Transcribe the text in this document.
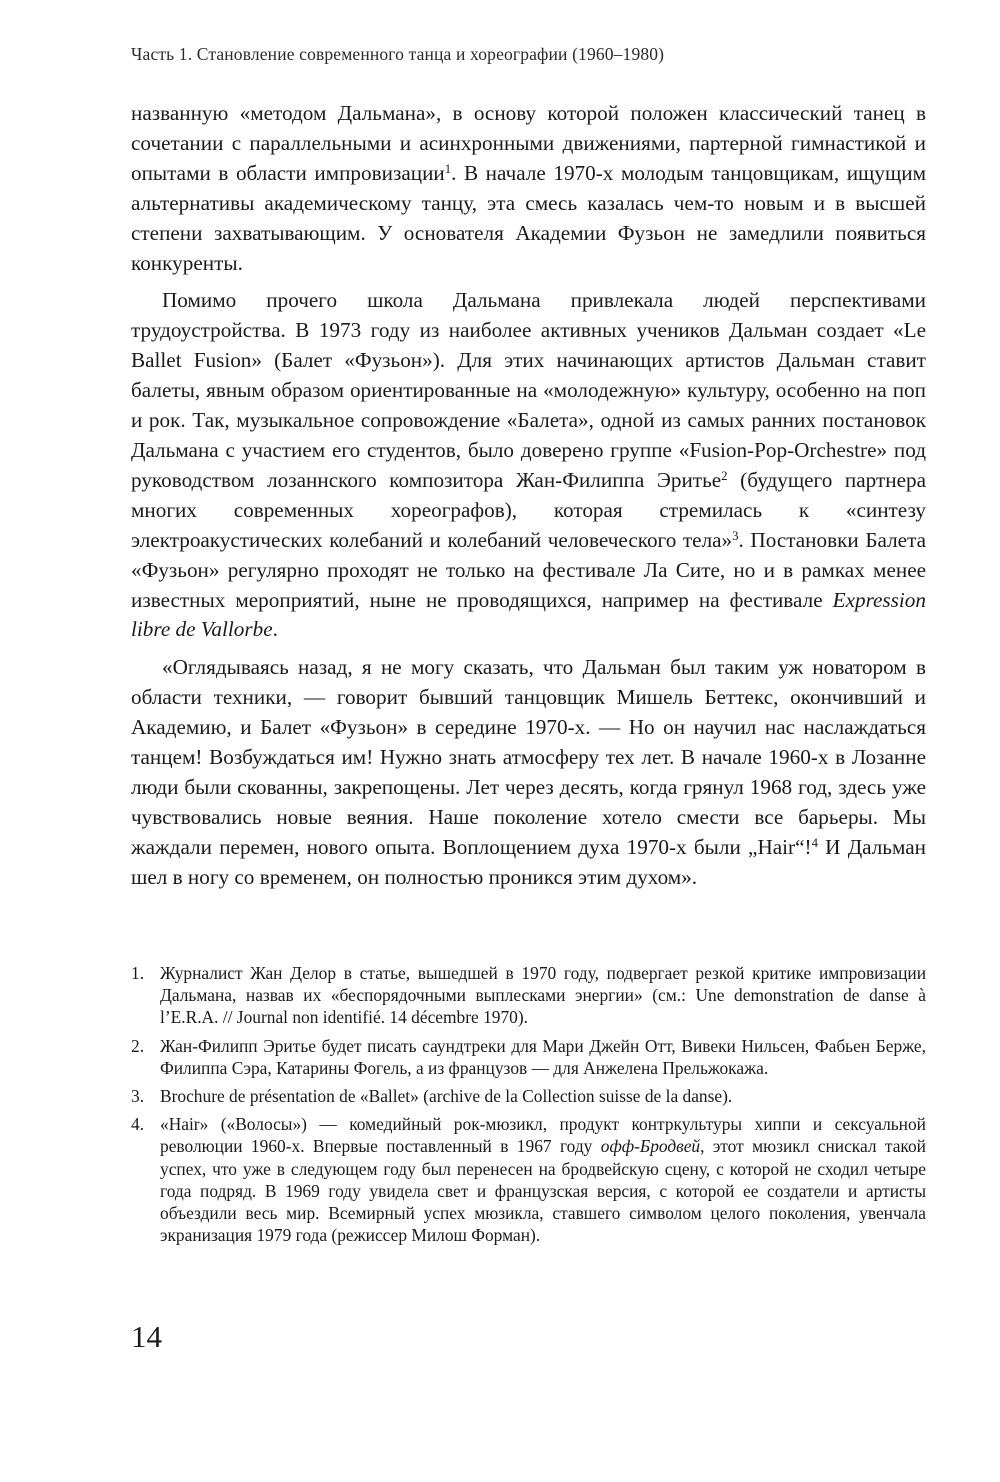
Часть 1. Становление современного танца и хореографии (1960–1980)

названную «методом Дальмана», в основу которой положен классический танец в сочетании с параллельными и асинхронными движениями, партерной гимнастикой и опытами в области импровизации$^1$. В начале 1970-х молодым танцовщикам, ищущим альтернативы академическому танцу, эта смесь казалась чем-то новым и в высшей степени захватывающим. У основателя Академии Фузьон не замедлили появиться конкуренты.

Помимо прочего школа Дальмана привлекала людей перспективами трудоустройства. В 1973 году из наиболее активных учеников Дальман создает «Le Ballet Fusion» (Балет «Фузьон»). Для этих начинающих артистов Дальман ставит балеты, явным образом ориентированные на «молодежную» культуру, особенно на поп и рок. Так, музыкальное сопровождение «Балета», одной из самых ранних постановок Дальмана с участием его студентов, было доверено группе «Fusion-Pop-Orchestre» под руководством лозаннского композитора Жан-Филиппа Эритье$^2$ (будущего партнера многих современных хореографов), которая стремилась к «синтезу электроакустических колебаний и колебаний человеческого тела»$^3$. Постановки Балета «Фузьон» регулярно проходят не только на фестивале Ла Сите, но и в рамках менее известных мероприятий, ныне не проводящихся, например на фестивале Expression libre de Vallorbe.

«Оглядываясь назад, я не могу сказать, что Дальман был таким уж новатором в области техники, — говорит бывший танцовщик Мишель Беттекс, окончивший и Академию, и Балет «Фузьон» в середине 1970-х. — Но он научил нас наслаждаться танцем! Возбуждаться им! Нужно знать атмосферу тех лет. В начале 1960-х в Лозанне люди были скованны, закрепощены. Лет через десять, когда грянул 1968 год, здесь уже чувствовались новые веяния. Наше поколение хотело смести все барьеры. Мы жаждали перемен, нового опыта. Воплощением духа 1970-х были „Hair“!$^4$ И Дальман шел в ногу со временем, он полностью проникся этим духом».

1. Журналист Жан Делор в статье, вышедшей в 1970 году, подвергает резкой критике импровизации Дальмана, назвав их «беспорядочными выплесками энергии» (см.: Une demonstration de danse à l’E.R.A. // Journal non identifié. 14 décembre 1970).
2. Жан-Филипп Эритье будет писать саундтреки для Мари Джейн Отт, Вивеки Нильсен, Фабьен Берже, Филиппа Сэра, Катарины Фогель, а из французов — для Анжелена Прельжокажа.
3. Brochure de présentation de «Ballet» (archive de la Collection suisse de la danse).
4. «Hair» («Волосы») — комедийный рок-мюзикл, продукт контркультуры хиппи и сексуальной революции 1960-х. Впервые поставленный в 1967 году офф-Бродвей, этот мюзикл снискал такой успех, что уже в следующем году был перенесен на бродвейскую сцену, с которой не сходил четыре года подряд. В 1969 году увидела свет и французская версия, с которой ее создатели и артисты объездили весь мир. Всемирный успех мюзикла, ставшего символом целого поколения, увенчала экранизация 1979 года (режиссер Милош Форман).
14
